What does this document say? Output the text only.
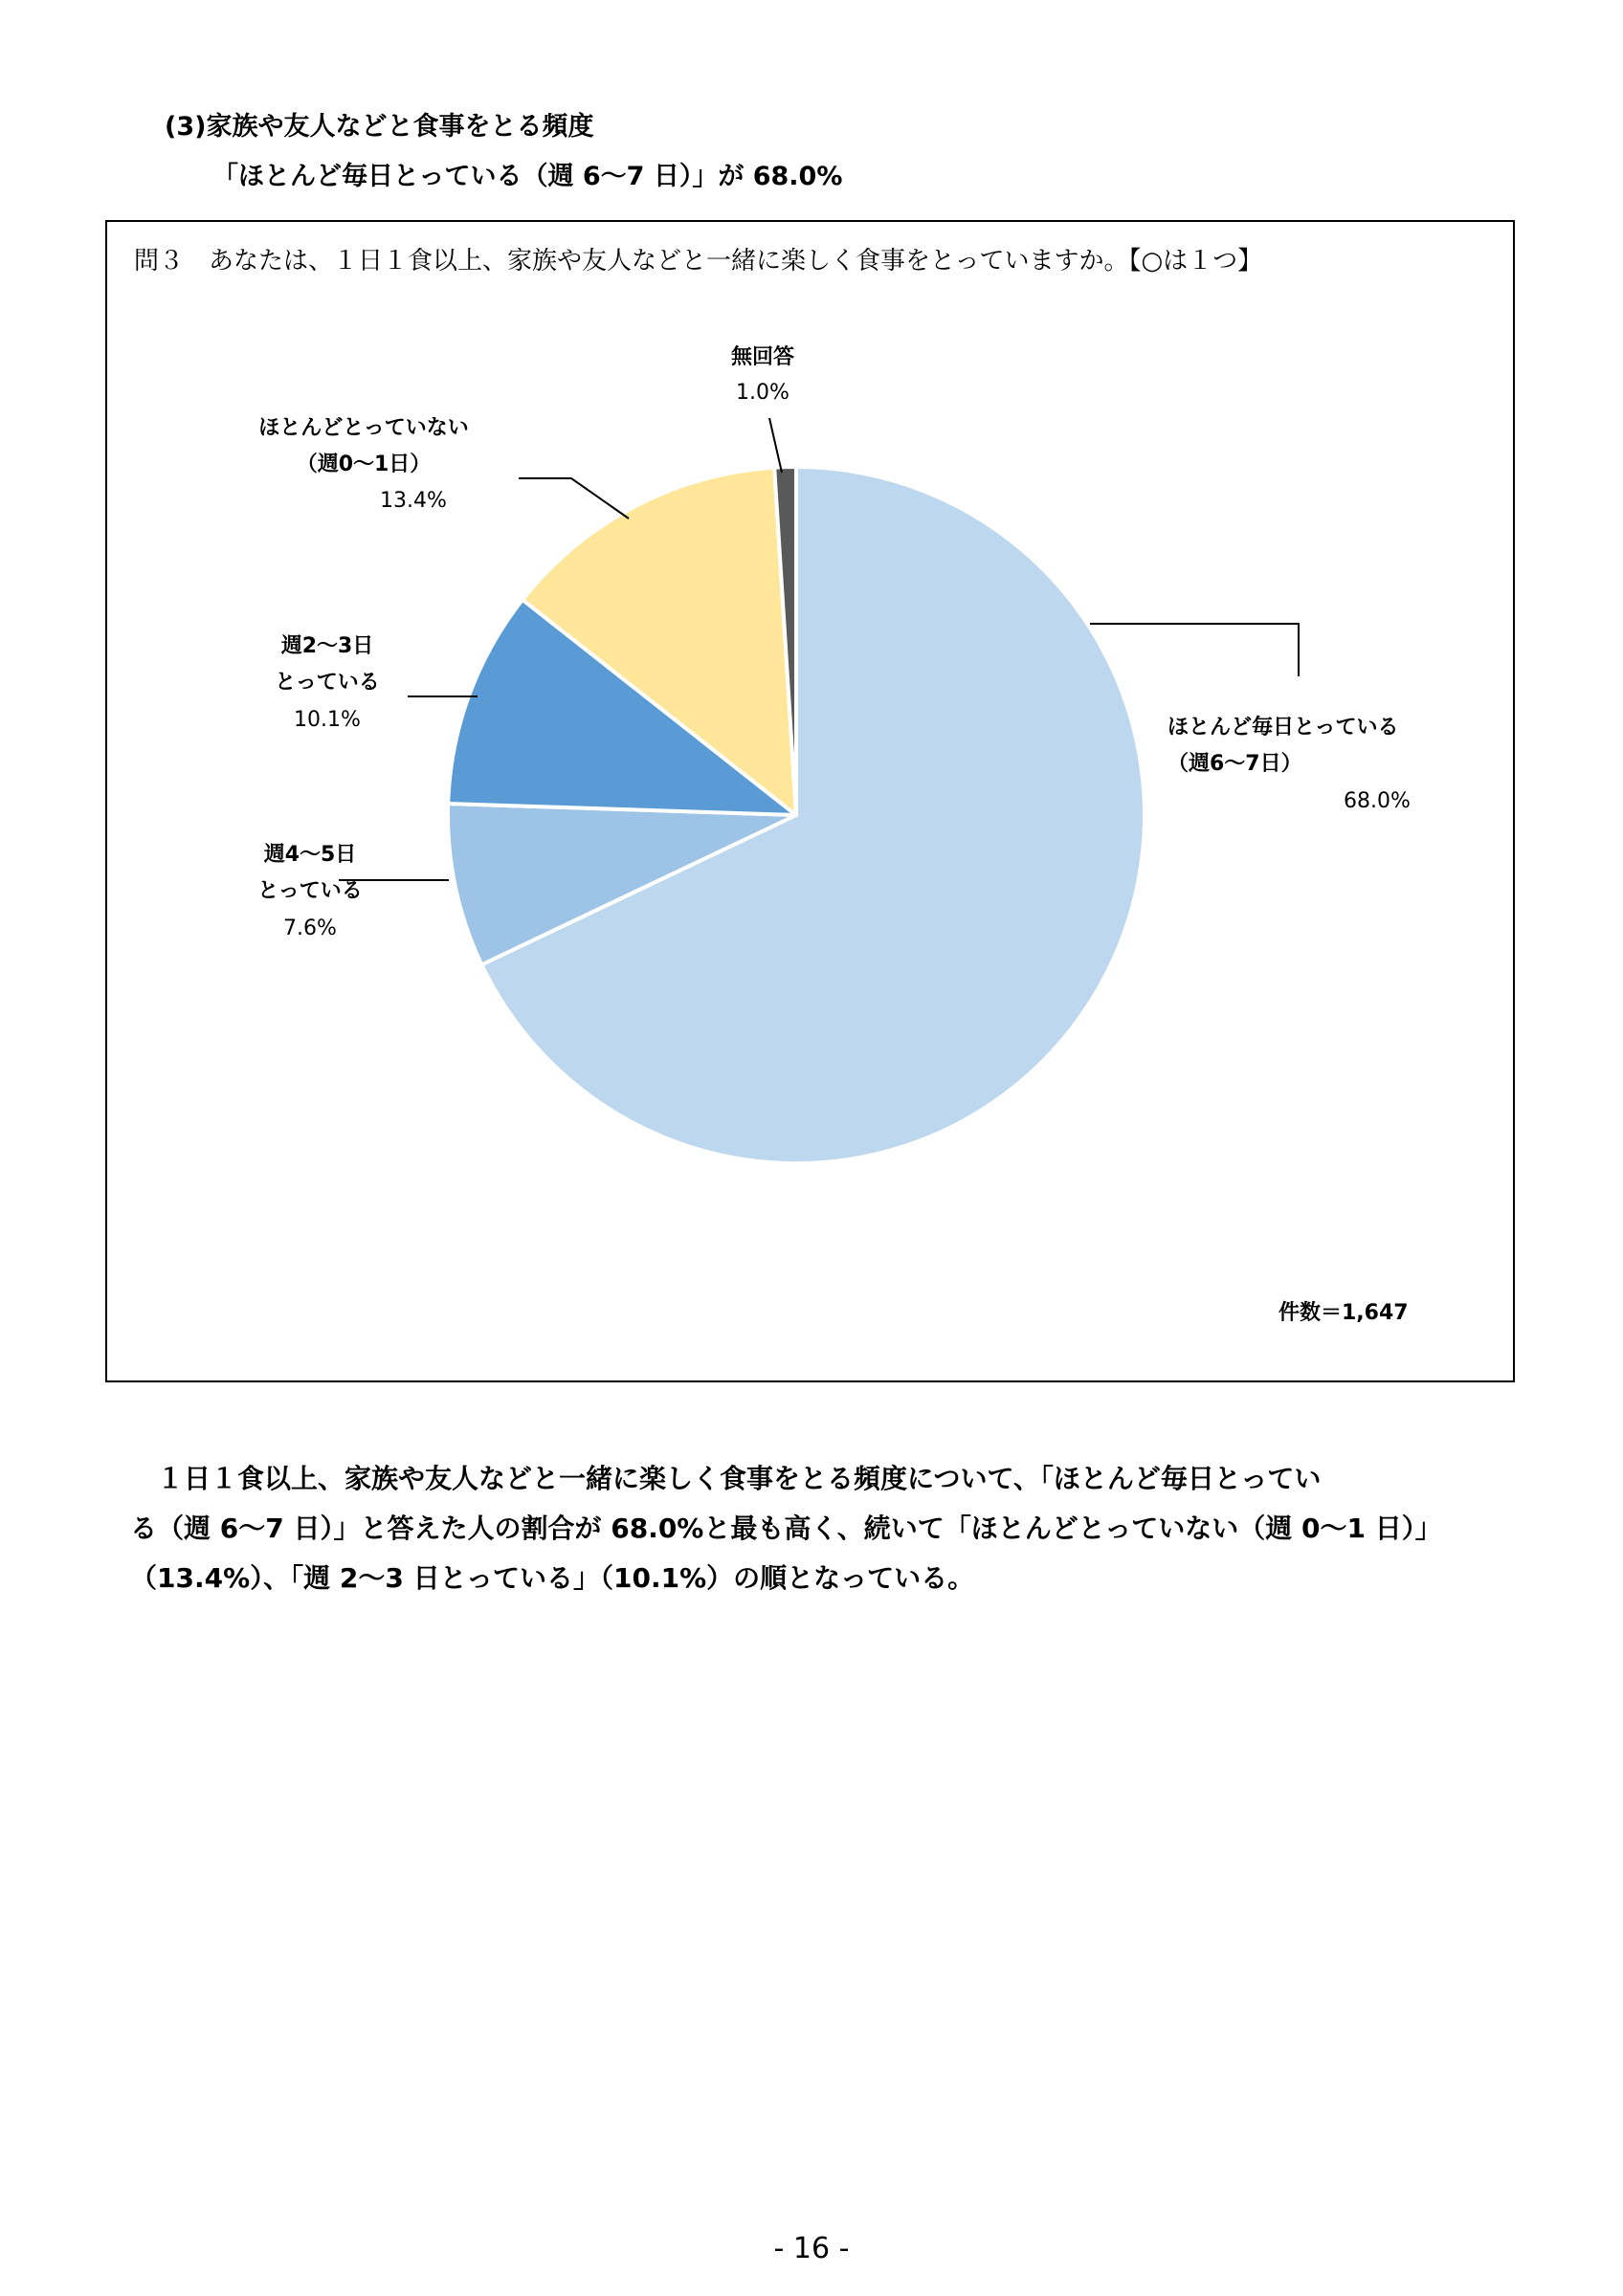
(3)家族や友人などと食事をとる頻度
「ほとんど毎日とっている（週 6～7 日）」が 68.0%
問３　あなたは、１日１食以上、家族や友人などと一緒に楽しく食事をとっていますか。【○は１つ】
ほとんど毎日とっている
（週6～7日）
68.0%
週4～5日
とっている
7.6%
週2～3日
とっている
10.1%
ほとんどとっていない
（週0～1日）
13.4%
無回答
1.0%
件数＝1,647

１日１食以上、家族や友人などと一緒に楽しく食事をとる頻度について、「ほとんど毎日とってい

る（週 6～7 日）」と答えた人の割合が 68.0%と最も高く、続いて「ほとんどとっていない（週 0～1 日）」

（13.4%）、「週 2～3 日とっている」（10.1%）の順となっている。

- 16 -
